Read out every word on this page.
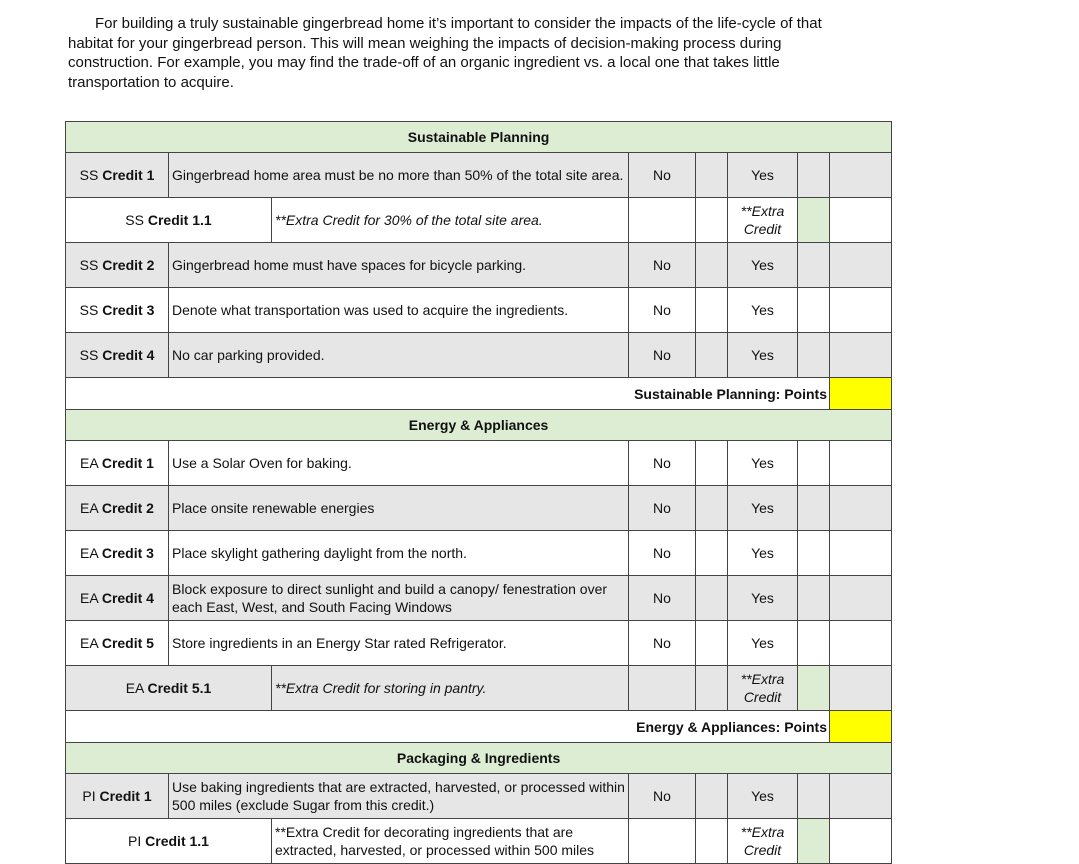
For building a truly sustainable gingerbread home it’s important to consider the impacts of the life-cycle of that habitat for your gingerbread person. This will mean weighing the impacts of decision-making process during construction. For example, you may find the trade-off of an organic ingredient vs. a local one that takes little transportation to acquire.

Sustainable Planning							
SS Credit 1	Gingerbread home area must be no more than 50% of the total site area.		No		Yes		
SS Credit 1.1		**Extra Credit for 30% of the total site area.			**Extra Credit		
SS Credit 2	Gingerbread home must have spaces for bicycle parking.		No		Yes		
SS Credit 3	Denote what transportation was used to acquire the ingredients.		No		Yes		
SS Credit 4	No car parking provided.		No		Yes		
Sustainable Planning: Points							
Energy & Appliances							
EA Credit 1	Use a Solar Oven for baking.		No		Yes		
EA Credit 2	Place onsite renewable energies		No		Yes		
EA Credit 3	Place skylight gathering daylight from the north.		No		Yes		
EA Credit 4	Block exposure to direct sunlight and build a canopy/ fenestration over each East, West, and South Facing Windows		No		Yes		
EA Credit 5	Store ingredients in an Energy Star rated Refrigerator.		No		Yes		
EA Credit 5.1		**Extra Credit for storing in pantry.			**Extra Credit		
Energy & Appliances: Points							
Packaging & Ingredients							
PI Credit 1	Use baking ingredients that are extracted, harvested, or processed within 500 miles (exclude Sugar from this credit.)		No		Yes		
PI Credit 1.1		**Extra Credit for decorating ingredients that are extracted, harvested, or processed within 500 miles			**Extra Credit		
